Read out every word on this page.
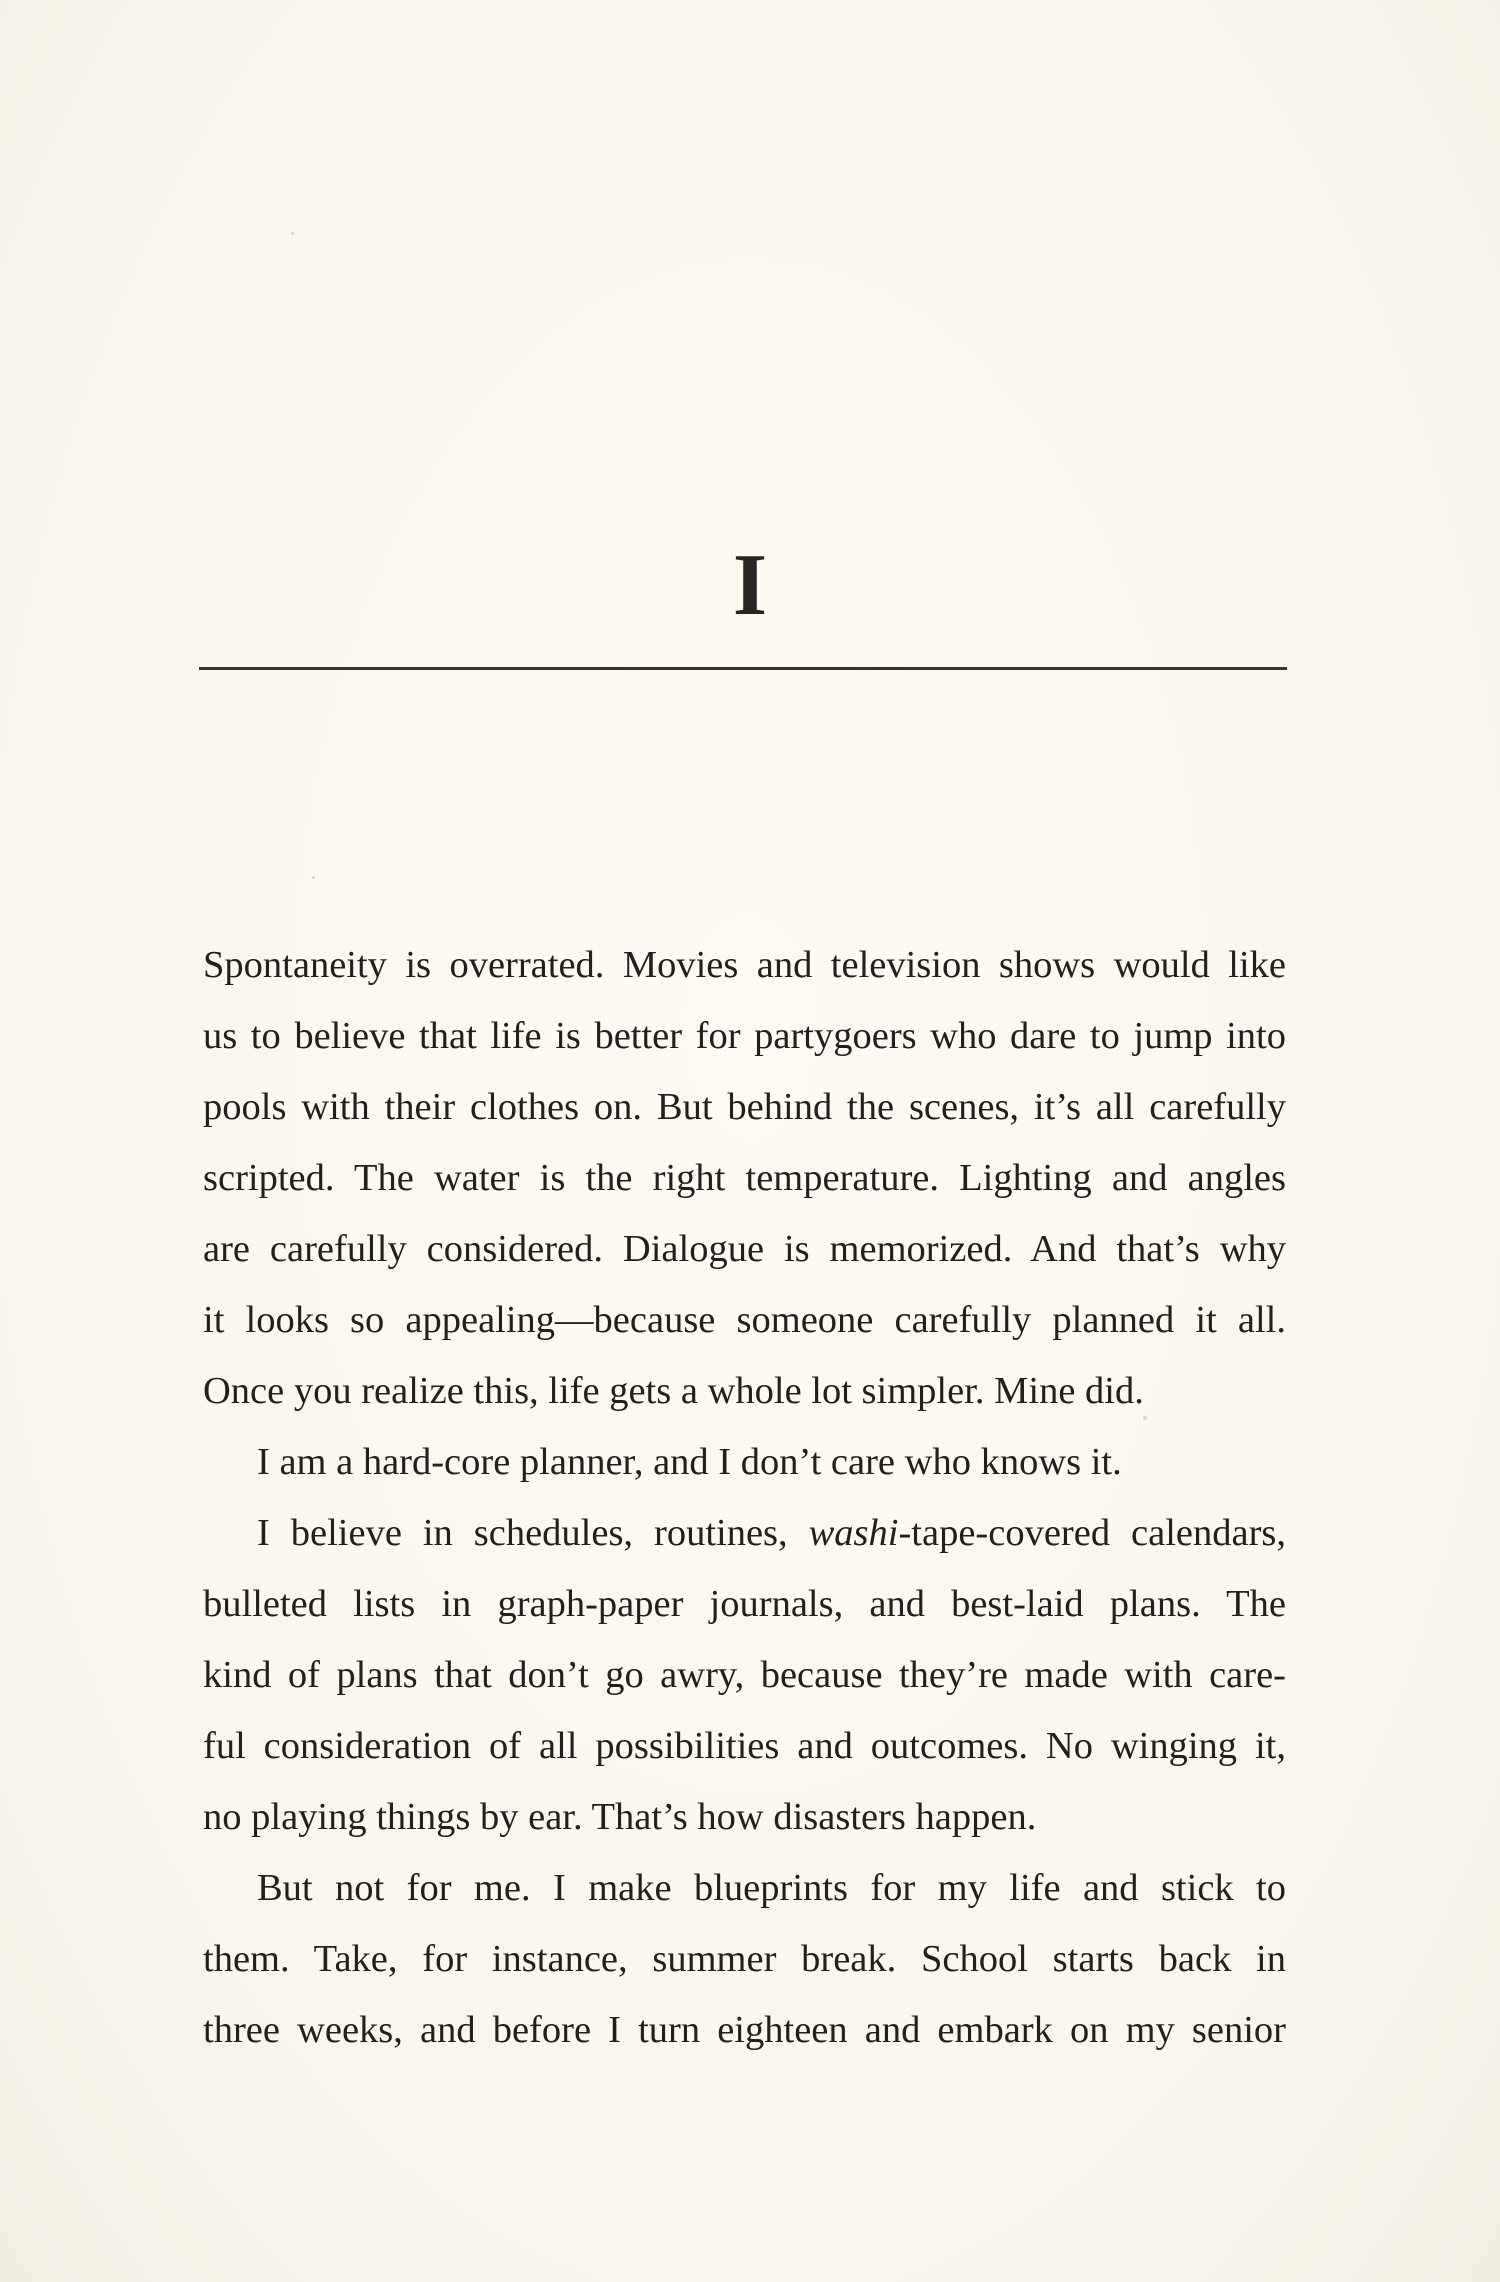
I
Spontaneity is overrated. Movies and television shows would like
us to believe that life is better for partygoers who dare to jump into
pools with their clothes on. But behind the scenes, it’s all carefully
scripted. The water is the right temperature. Lighting and angles
are carefully considered. Dialogue is memorized. And that’s why
it looks so appealing—because someone carefully planned it all.
Once you realize this, life gets a whole lot simpler. Mine did.
I am a hard-core planner, and I don’t care who knows it.
I believe in schedules, routines, washi-tape-covered calendars,
bulleted lists in graph-paper journals, and best-laid plans. The
kind of plans that don’t go awry, because they’re made with care-
ful consideration of all possibilities and outcomes. No winging it,
no playing things by ear. That’s how disasters happen.
But not for me. I make blueprints for my life and stick to
them. Take, for instance, summer break. School starts back in
three weeks, and before I turn eighteen and embark on my senior
